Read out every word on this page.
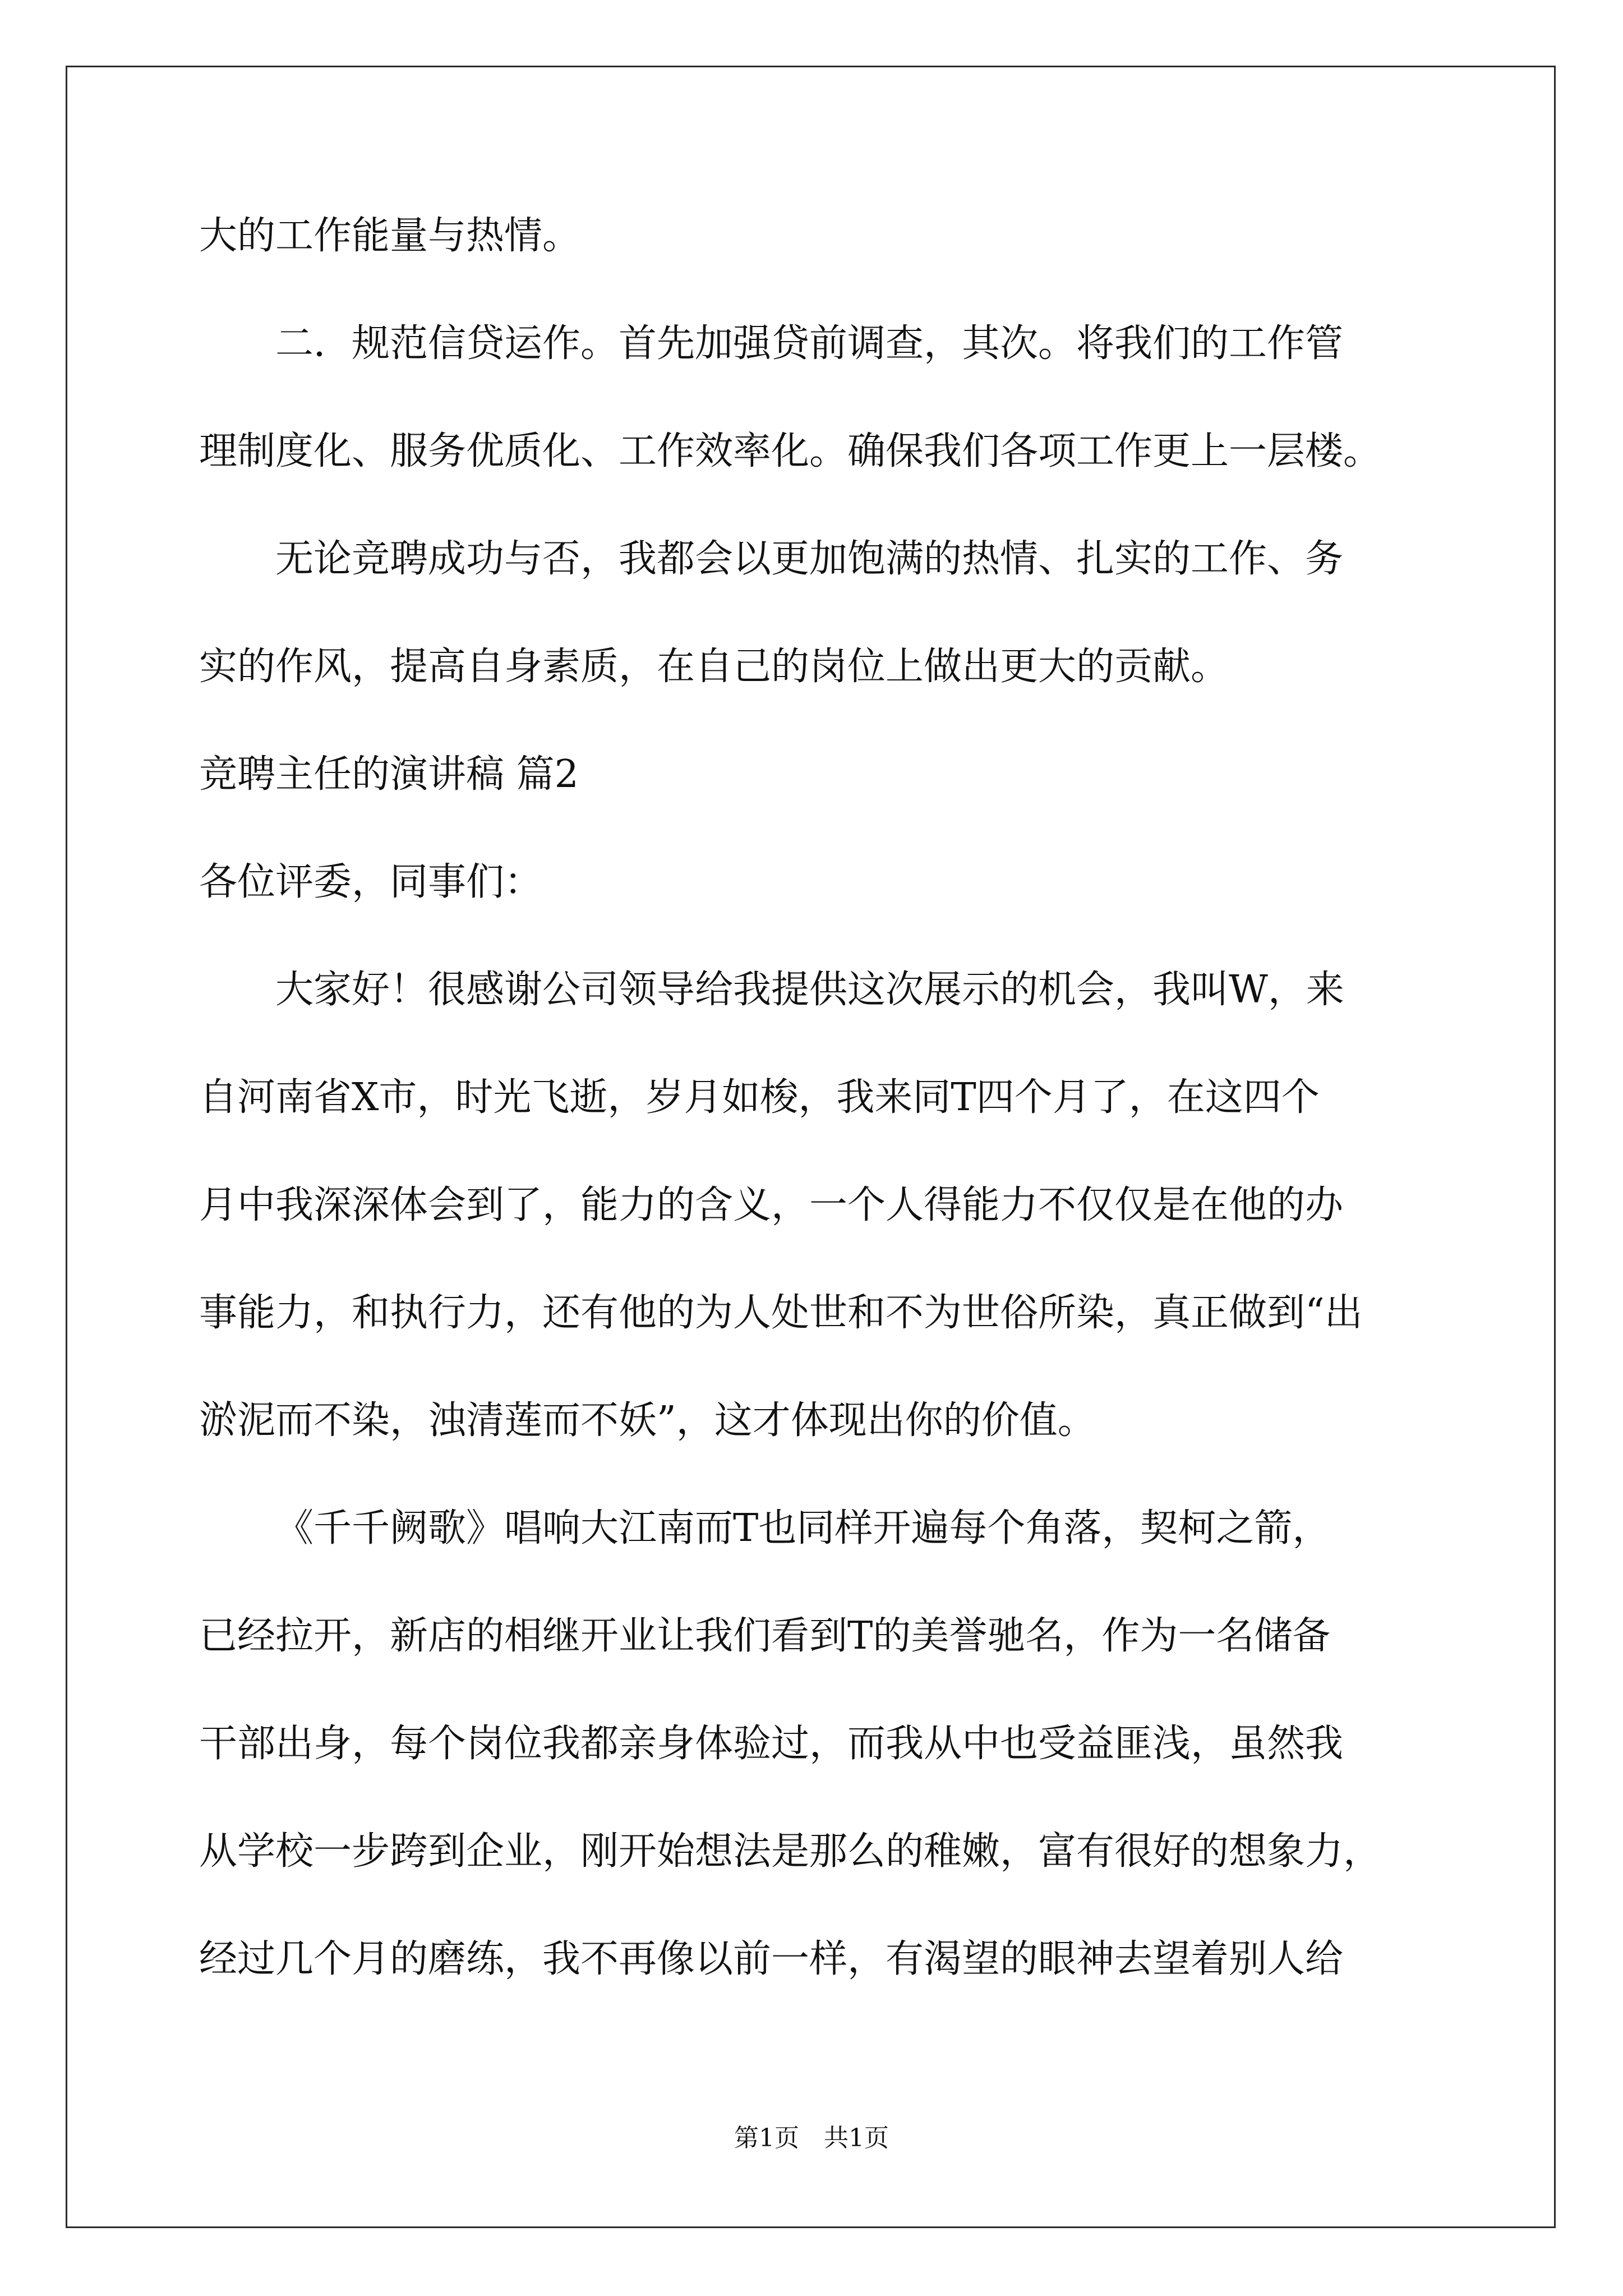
大的工作能量与热情。
二．规范信贷运作。首先加强贷前调查，其次。将我们的工作管
理制度化、服务优质化、工作效率化。确保我们各项工作更上一层楼。
无论竞聘成功与否，我都会以更加饱满的热情、扎实的工作、务
实的作风，提高自身素质，在自己的岗位上做出更大的贡献。
竞聘主任的演讲稿 篇2
各位评委，同事们：
大家好！很感谢公司领导给我提供这次展示的机会，我叫W，来
自河南省X市，时光飞逝，岁月如梭，我来同T四个月了，在这四个
月中我深深体会到了，能力的含义，一个人得能力不仅仅是在他的办
事能力，和执行力，还有他的为人处世和不为世俗所染，真正做到“出
淤泥而不染，浊清莲而不妖”，这才体现出你的价值。
《千千阙歌》唱响大江南而T也同样开遍每个角落，契柯之箭，
已经拉开，新店的相继开业让我们看到T的美誉驰名，作为一名储备
干部出身，每个岗位我都亲身体验过，而我从中也受益匪浅，虽然我
从学校一步跨到企业，刚开始想法是那么的稚嫩，富有很好的想象力，
经过几个月的磨练，我不再像以前一样，有渴望的眼神去望着别人给
第1页　共1页
